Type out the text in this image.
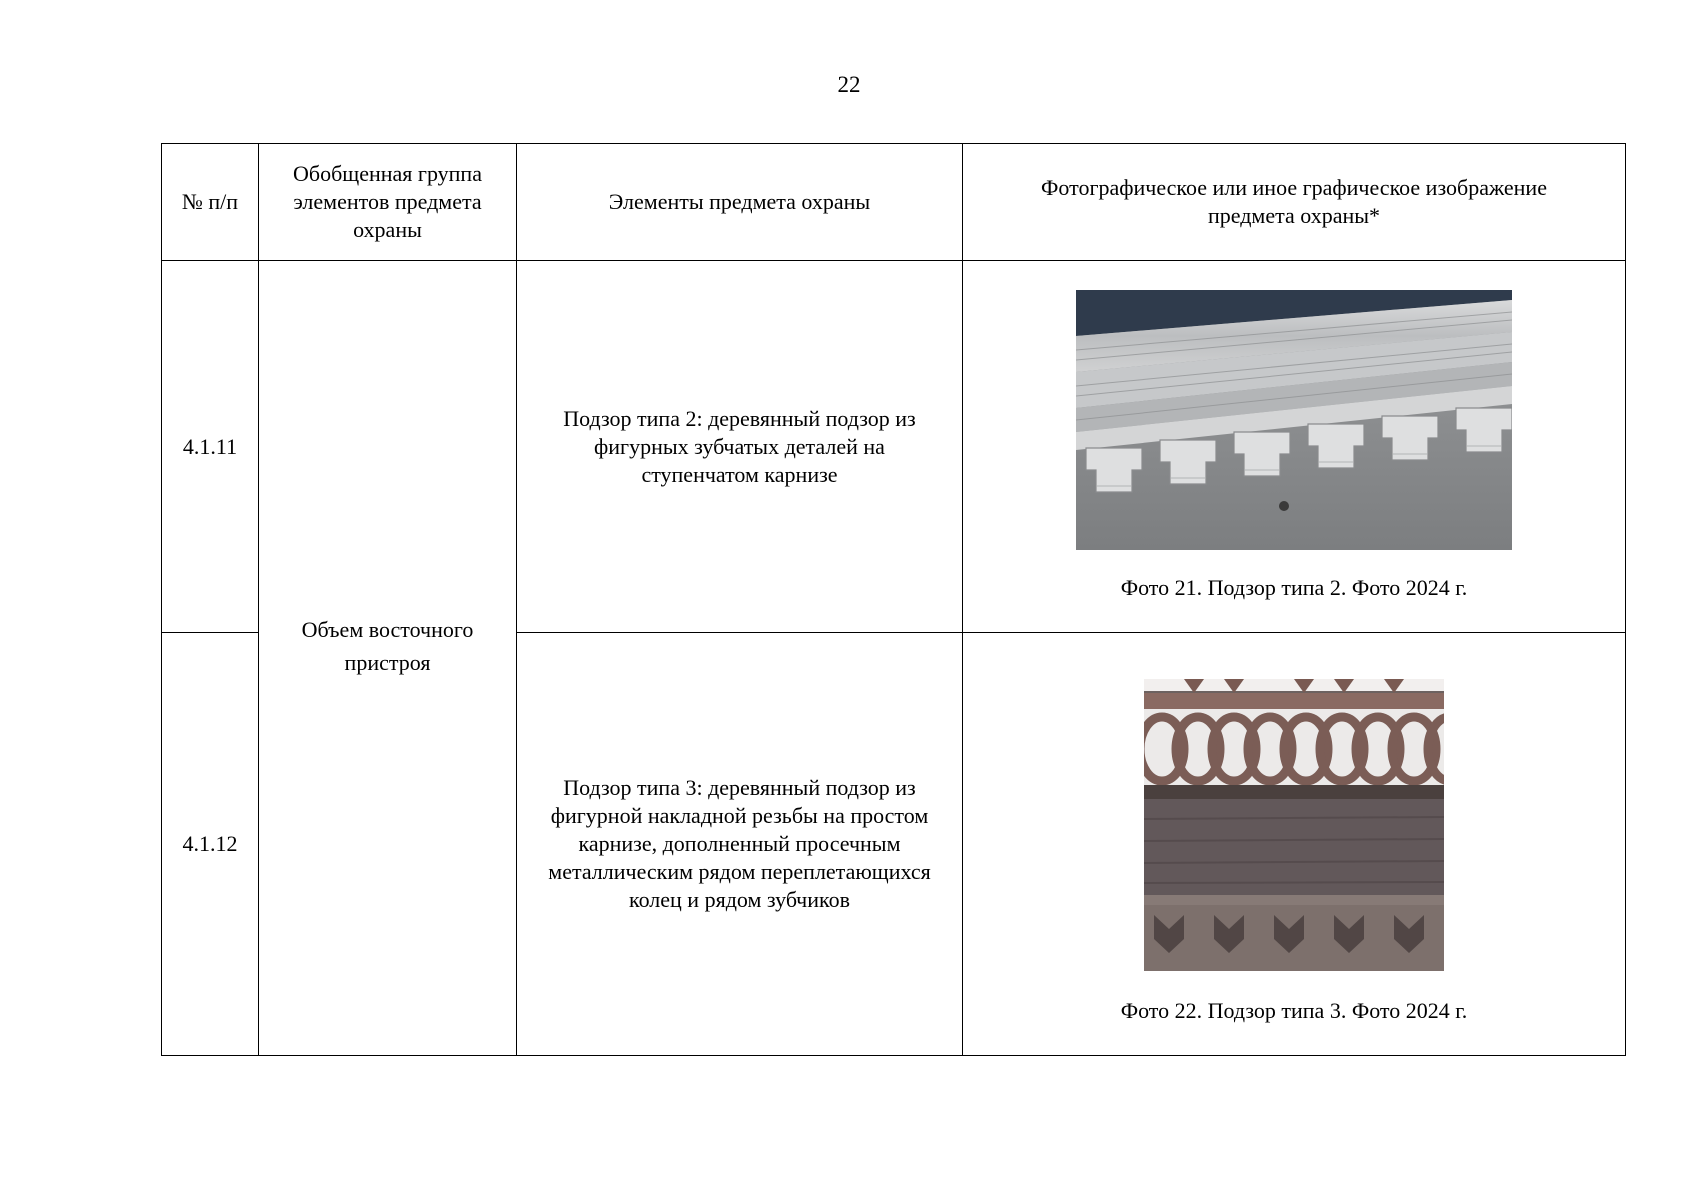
22
№ п/п	Обобщенная группа элементов предмета охраны	Элементы предмета охраны	Фотографическое или иное графическое изображение предмета охраны*

4.1.11	Объем восточного пристроя	Подзор типа 2: деревянный подзор из фигурных зубчатых деталей на ступенчатом карнизе	Фото 21. Подзор типа 2. Фото 2024 г.

4.1.12		Подзор типа 3: деревянный подзор из фигурной накладной резьбы на простом карнизе, дополненный просечным металлическим рядом переплетающихся колец и рядом зубчиков	Фото 22. Подзор типа 3. Фото 2024 г.
